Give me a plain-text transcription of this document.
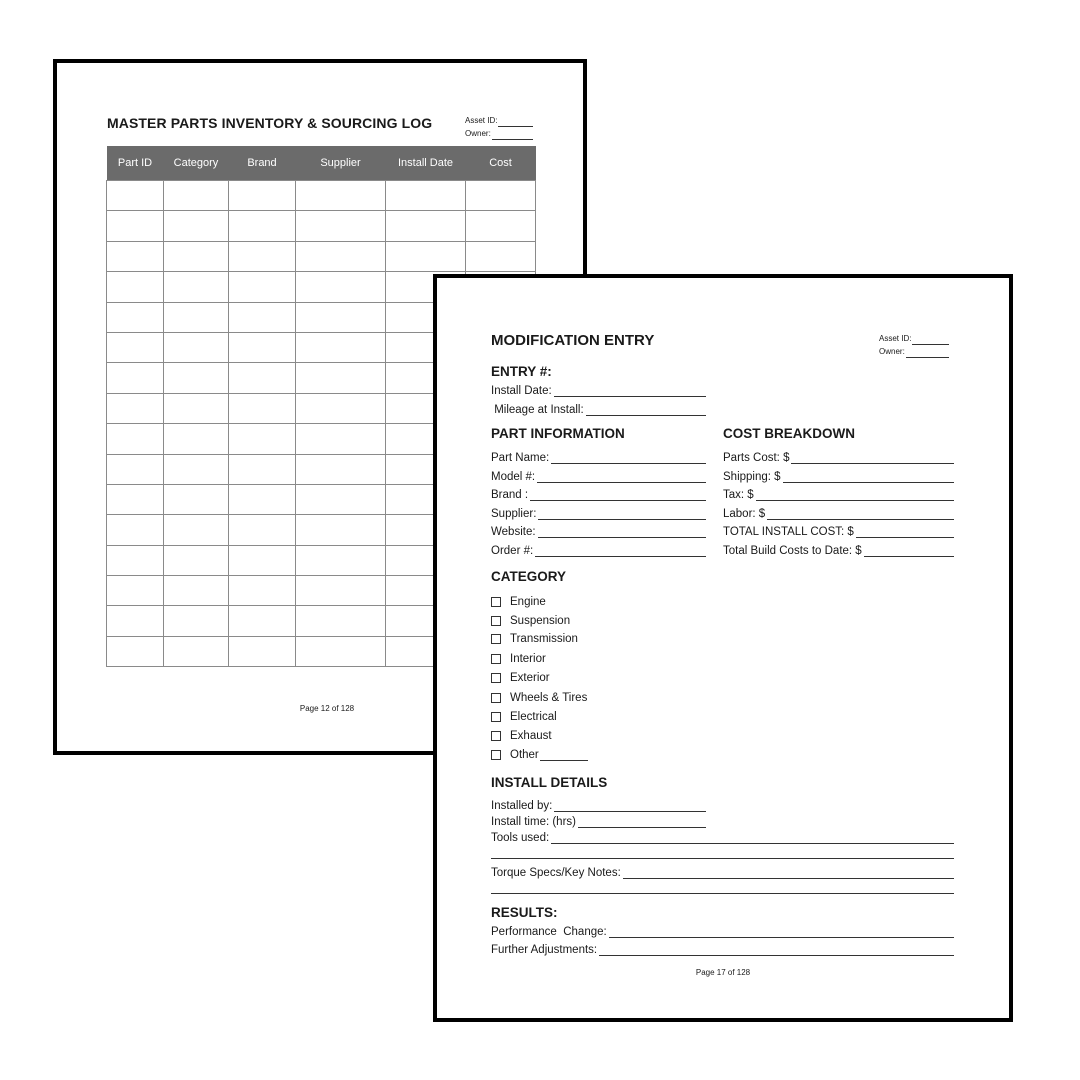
MASTER PARTS INVENTORY & SOURCING LOG	Asset ID:
Owner:
Part ID	Category	Brand	Supplier	Install Date	Cost

Page 12 of 128
MODIFICATION ENTRY	Asset ID:
Owner:
ENTRY #:
Install Date:
Mileage at Install:
PART INFORMATION	COST BREAKDOWN
Part Name:
Model #:
Brand :
Supplier:
Website:
Order #:
Parts Cost: $
Shipping: $
Tax: $
Labor: $
TOTAL INSTALL COST: $
Total Build Costs to Date: $
CATEGORY
Engine
Suspension
Transmission
Interior
Exterior
Wheels & Tires
Electrical
Exhaust
Other
INSTALL DETAILS
Installed by:
Install time: (hrs)
Tools used:
Torque Specs/Key Notes:
RESULTS:
Performance  Change:
Further Adjustments:
Page 17 of 128
